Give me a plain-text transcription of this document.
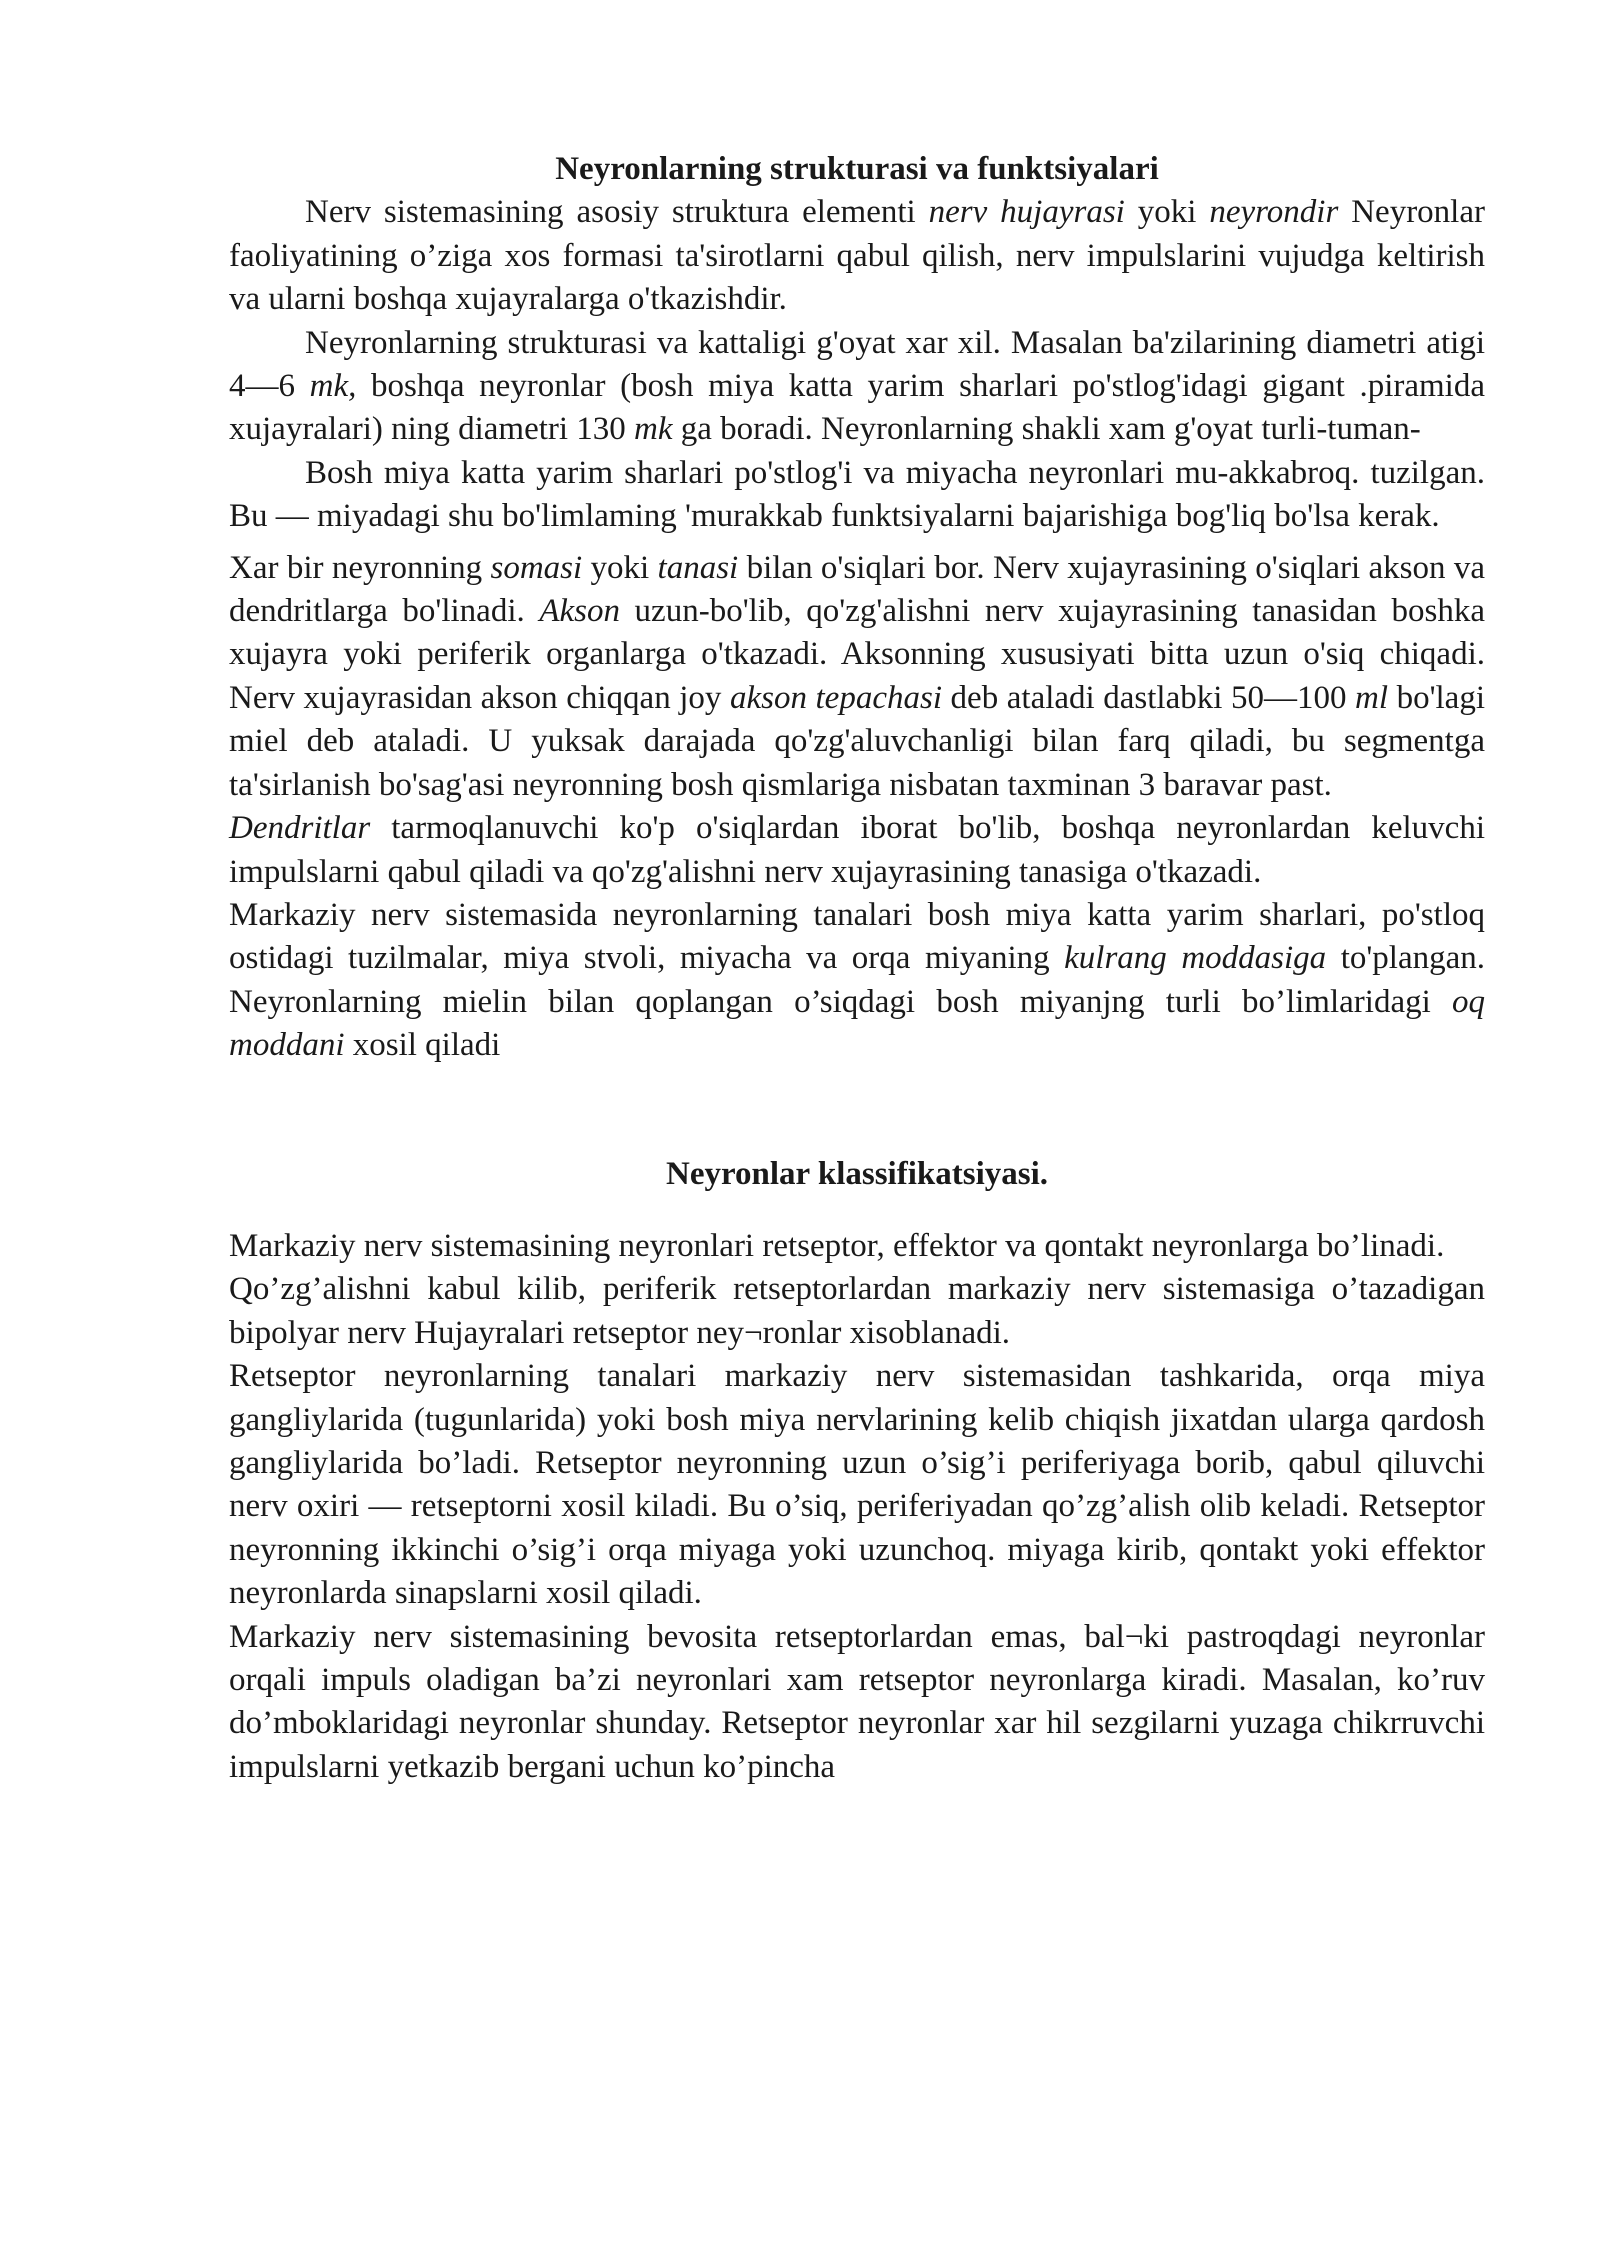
Neyronlarning strukturasi va funktsiyalari

Nerv sistemasining asosiy struktura elementi nerv hujayrasi yoki neyrondir Neyronlar faoliyatining o’ziga xos formasi ta'sirotlarni qabul qilish, nerv impulslarini vujudga keltirish va ularni boshqa xujayralarga o'tkazishdir.

Neyronlarning strukturasi va kattaligi g'oyat xar xil. Masalan ba'zilarining diametri atigi 4—6 mk, boshqa neyronlar (bosh miya katta yarim sharlari po'stlog'idagi gigant .piramida xujayralari) ning diametri 130 mk ga boradi. Neyronlarning shakli xam g'oyat turli-tuman-

Bosh miya katta yarim sharlari po'stlog'i va miyacha neyronlari mu-akkabroq. tuzilgan. Bu — miyadagi shu bo'limlaming 'murakkab funktsiyalarni bajarishiga bog'liq bo'lsa kerak.

Xar bir neyronning somasi yoki tanasi bilan o'siqlari bor. Nerv xujayrasining o'siqlari akson va dendritlarga bo'linadi. Akson uzun-bo'lib, qo'zg'alishni nerv xujayrasining tanasidan boshka xujayra yoki periferik organlarga o'tkazadi. Aksonning xususiyati bitta uzun o'siq chiqadi. Nerv xujayrasidan akson chiqqan joy akson tepachasi deb ataladi dastlabki 50—100 ml bo'lagi miel deb ataladi. U yuksak darajada qo'zg'aluvchanligi bilan farq qiladi, bu segmentga ta'sirlanish bo'sag'asi neyronning bosh qismlariga nisbatan taxminan 3 baravar past.

Dendritlar tarmoqlanuvchi ko'p o'siqlardan iborat bo'lib, boshqa neyronlardan keluvchi impulslarni qabul qiladi va qo'zg'alishni nerv xujayrasining tanasiga o'tkazadi.

Markaziy nerv sistemasida neyronlarning tanalari bosh miya katta yarim sharlari, po'stloq ostidagi tuzilmalar, miya stvoli, miyacha va orqa miyaning kulrang moddasiga to'plangan. Neyronlarning mielin bilan qoplangan o’siqdagi bosh miyanjng turli bo’limlaridagi oq moddani xosil qiladi

Neyronlar klassifikatsiyasi.

Markaziy nerv sistemasining neyronlari retseptor, effektor va qontakt neyronlarga bo’linadi.

Qo’zg’alishni kabul kilib, periferik retseptorlardan markaziy nerv sistemasiga o’tazadigan bipolyar nerv Hujayralari retseptor ney¬ronlar xisoblanadi.

Retseptor neyronlarning tanalari markaziy nerv sistemasidan tashkarida, orqa miya gangliylarida (tugunlarida) yoki bosh miya nervlarining kelib chiqish jixatdan ularga qardosh gangliylarida bo’ladi. Retseptor neyronning uzun o’sig’i periferiyaga borib, qabul qiluvchi nerv oxiri — retseptorni xosil kiladi. Bu o’siq, periferiyadan qo’zg’alish olib keladi. Retseptor neyronning ikkinchi o’sig’i orqa miyaga yoki uzunchoq. miyaga kirib, qontakt yoki effektor neyronlarda sinapslarni xosil qiladi.

Markaziy nerv sistemasining bevosita retseptorlardan emas, bal¬ki pastroqdagi neyronlar orqali impuls oladigan ba’zi neyronlari xam retseptor neyronlarga kiradi. Masalan, ko’ruv do’mboklaridagi neyronlar shunday. Retseptor neyronlar xar hil sezgilarni yuzaga chikrruvchi impulslarni yetkazib bergani uchun ko’pincha
